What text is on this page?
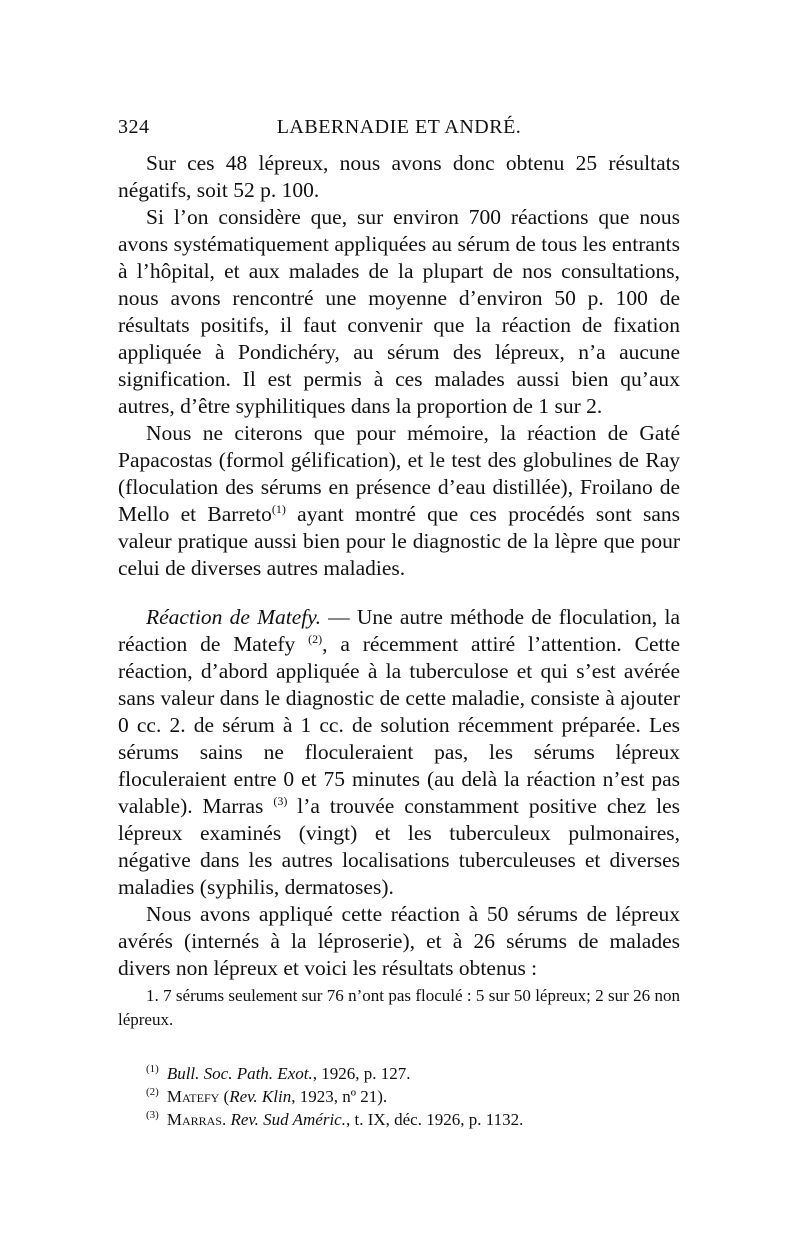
324	LABERNADIE ET ANDRÉ.

Sur ces 48 lépreux, nous avons donc obtenu 25 résultats négatifs, soit 52 p. 100.

Si l’on considère que, sur environ 700 réactions que nous avons systématiquement appliquées au sérum de tous les entrants à l’hôpital, et aux malades de la plupart de nos consultations, nous avons rencontré une moyenne d’environ 50 p. 100 de résultats positifs, il faut convenir que la réaction de fixation appliquée à Pondichéry, au sérum des lépreux, n’a aucune signification. Il est permis à ces malades aussi bien qu’aux autres, d’être syphilitiques dans la proportion de 1 sur 2.

Nous ne citerons que pour mémoire, la réaction de Gaté Papacostas (formol gélification), et le test des globulines de Ray (floculation des sérums en présence d’eau distillée), Froilano de Mello et Barreto$^{(1)}$ ayant montré que ces procédés sont sans valeur pratique aussi bien pour le diagnostic de la lèpre que pour celui de diverses autres maladies.

Réaction de Matefy. — Une autre méthode de floculation, la réaction de Matefy $^{(2)}$, a récemment attiré l’attention. Cette réaction, d’abord appliquée à la tuberculose et qui s’est avérée sans valeur dans le diagnostic de cette maladie, consiste à ajouter 0 cc. 2. de sérum à 1 cc. de solution récemment préparée. Les sérums sains ne floculeraient pas, les sérums lépreux floculeraient entre 0 et 75 minutes (au delà la réaction n’est pas valable). Marras $^{(3)}$ l’a trouvée constamment positive chez les lépreux examinés (vingt) et les tuberculeux pulmonaires, négative dans les autres localisations tuberculeuses et diverses maladies (syphilis, dermatoses).

Nous avons appliqué cette réaction à 50 sérums de lépreux avérés (internés à la léproserie), et à 26 sérums de malades divers non lépreux et voici les résultats obtenus :

1. 7 sérums seulement sur 76 n’ont pas floculé : 5 sur 50 lépreux; 2 sur 26 non lépreux.

$^{(1)}$ Bull. Soc. Path. Exot., 1926, p. 127.
$^{(2)}$ Matefy (Rev. Klin, 1923, nº 21).
$^{(3)}$ Marras. Rev. Sud Améric., t. IX, déc. 1926, p. 1132.
